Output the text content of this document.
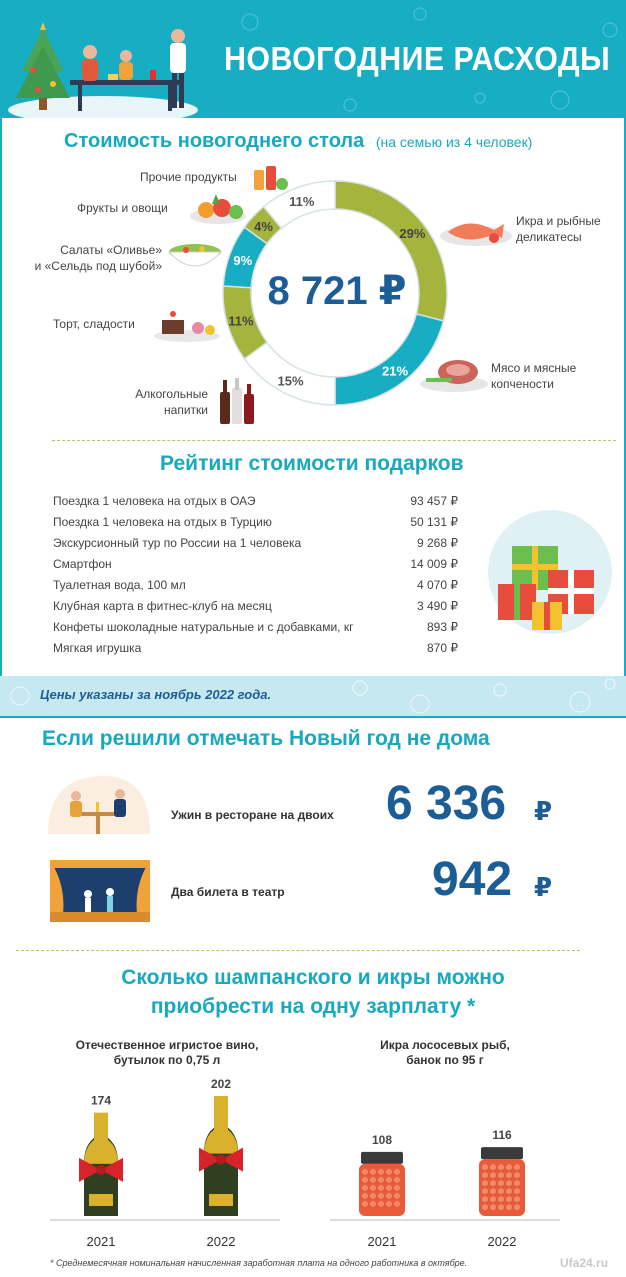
НОВОГОДНИЕ РАСХОДЫ
Стоимость новогоднего стола (на семью из 4 человек)
29%
21%
15%
11%
9%
4%
11%
8 721 ₽
Прочие продукты
Фрукты и овощи
Салаты «Оливье»
и «Сельдь под шубой»
Торт, сладости
Алкогольные
напитки
Икра и рыбные
деликатесы
Мясо и мясные
копчености
Рейтинг стоимости подарков
Поездка 1 человека на отдых в ОАЭ	93 457 ₽
Поездка 1 человека на отдых в Турцию	50 131 ₽
Экскурсионный тур по России на 1 человека	9 268 ₽
Смартфон	14 009 ₽
Туалетная вода, 100 мл	4 070 ₽
Клубная карта в фитнес-клуб на месяц	3 490 ₽
Конфеты шоколадные натуральные и с добавками, кг	893 ₽
Мягкая игрушка	870 ₽
Цены указаны за ноябрь 2022 года.
Если решили отмечать Новый год не дома
Ужин в ресторане на двоих 6 336 ₽
Два билета в театр	942 ₽
Сколько шампанского и икры можно
приобрести на одну зарплату *
Отечественное игристое вино,
бутылок по 0,75 л
Икра лососевых рыб,
банок по 95 г
174
2021
202
2022
108
2021
116
2022
* Среднемесячная номинальная начисленная заработная плата на одного работника в октябре.	Ufa24.ru
